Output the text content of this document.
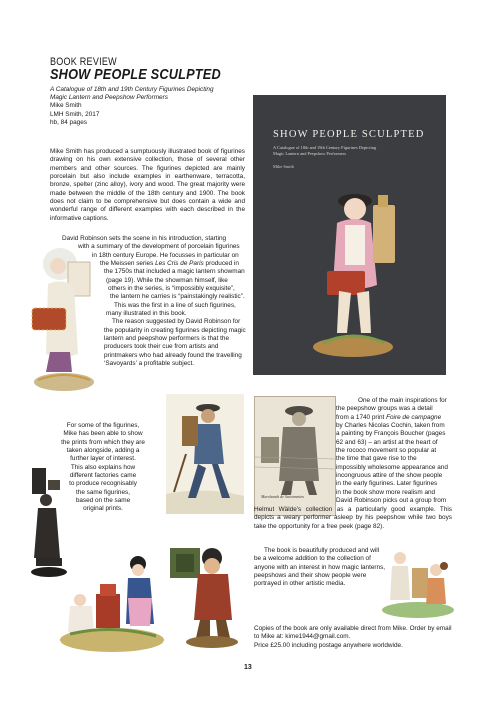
BOOK REVIEW
SHOW PEOPLE SCULPTED
A Catalogue of 18th and 19th Century Figurines Depicting
Magic Lantern and Peepshow Performers
Mike Smith
LMH Smith, 2017
hb, 84 pages
SHOW PEOPLE SCULPTED
A Catalogue of 18th and 19th Century Figurines Depicting
Magic Lantern and Peepshow Performers
Mike Smith
Mike Smith has produced a sumptuously illustrated book of figurines drawing on his own extensive collection, those of several other members and other sources. The figurines depicted are mainly porcelain but also include examples in earthenware, terracotta, bronze, spelter (zinc alloy), ivory and wood. The great majority were made between the middle of the 18th century and 1900. The book does not claim to be comprehensive but does contain a wide and wonderful range of different examples with each described in the informative captions.
David Robinson sets the scene in his introduction, starting
with a summary of the development of porcelain figurines
in 18th century Europe. He focusses in particular on
the Meissen series Les Cris de Paris produced in
the 1750s that included a magic lantern showman
(page 19). While the showman himself, like
others in the series, is “impossibly exquisite”,
the lantern he carries is “painstakingly realistic”.
This was the first in a line of such figurines,
many illustrated in this book.
The reason suggested by David Robinson for
the popularity in creating figurines depicting magic
lantern and peepshow performers is that the
producers took their cue from artists and
printmakers who had already found the travelling
‘Savoyards’ a profitable subject.
For some of the figurines,
Mike has been able to show
the prints from which they are
taken alongside, adding a
further layer of interest.
This also explains how
different factories came
to produce recognisably
the same figurines,
based on the same
original prints.
Marchands de Savonnettes
One of the main inspirations for
the peepshow groups was a detail
from a 1740 print Foire de campagne
by Charles Nicolas Cochin, taken from
a painting by François Boucher (pages
62 and 63) – an artist at the heart of
the rococo movement so popular at
the time that gave rise to the
impossibly wholesome appearance and
incongruous attire of the show people
in the early figurines. Later figurines
in the book show more realism and
David Robinson picks out a group from
Helmut Wälde’s collection as a particularly good example. This depicts a weary performer asleep by his peepshow while two boys take the opportunity for a free peek (page 82).
The book is beautifully produced and will
be a welcome addition to the collection of
anyone with an interest in how magic lanterns,
peepshows and their show people were
portrayed in other artistic media.
Copies of the book are only available direct from Mike. Order by email to Mike at: kime1944@gmail.com.
Price £25.00 including postage anywhere worldwide.
13
